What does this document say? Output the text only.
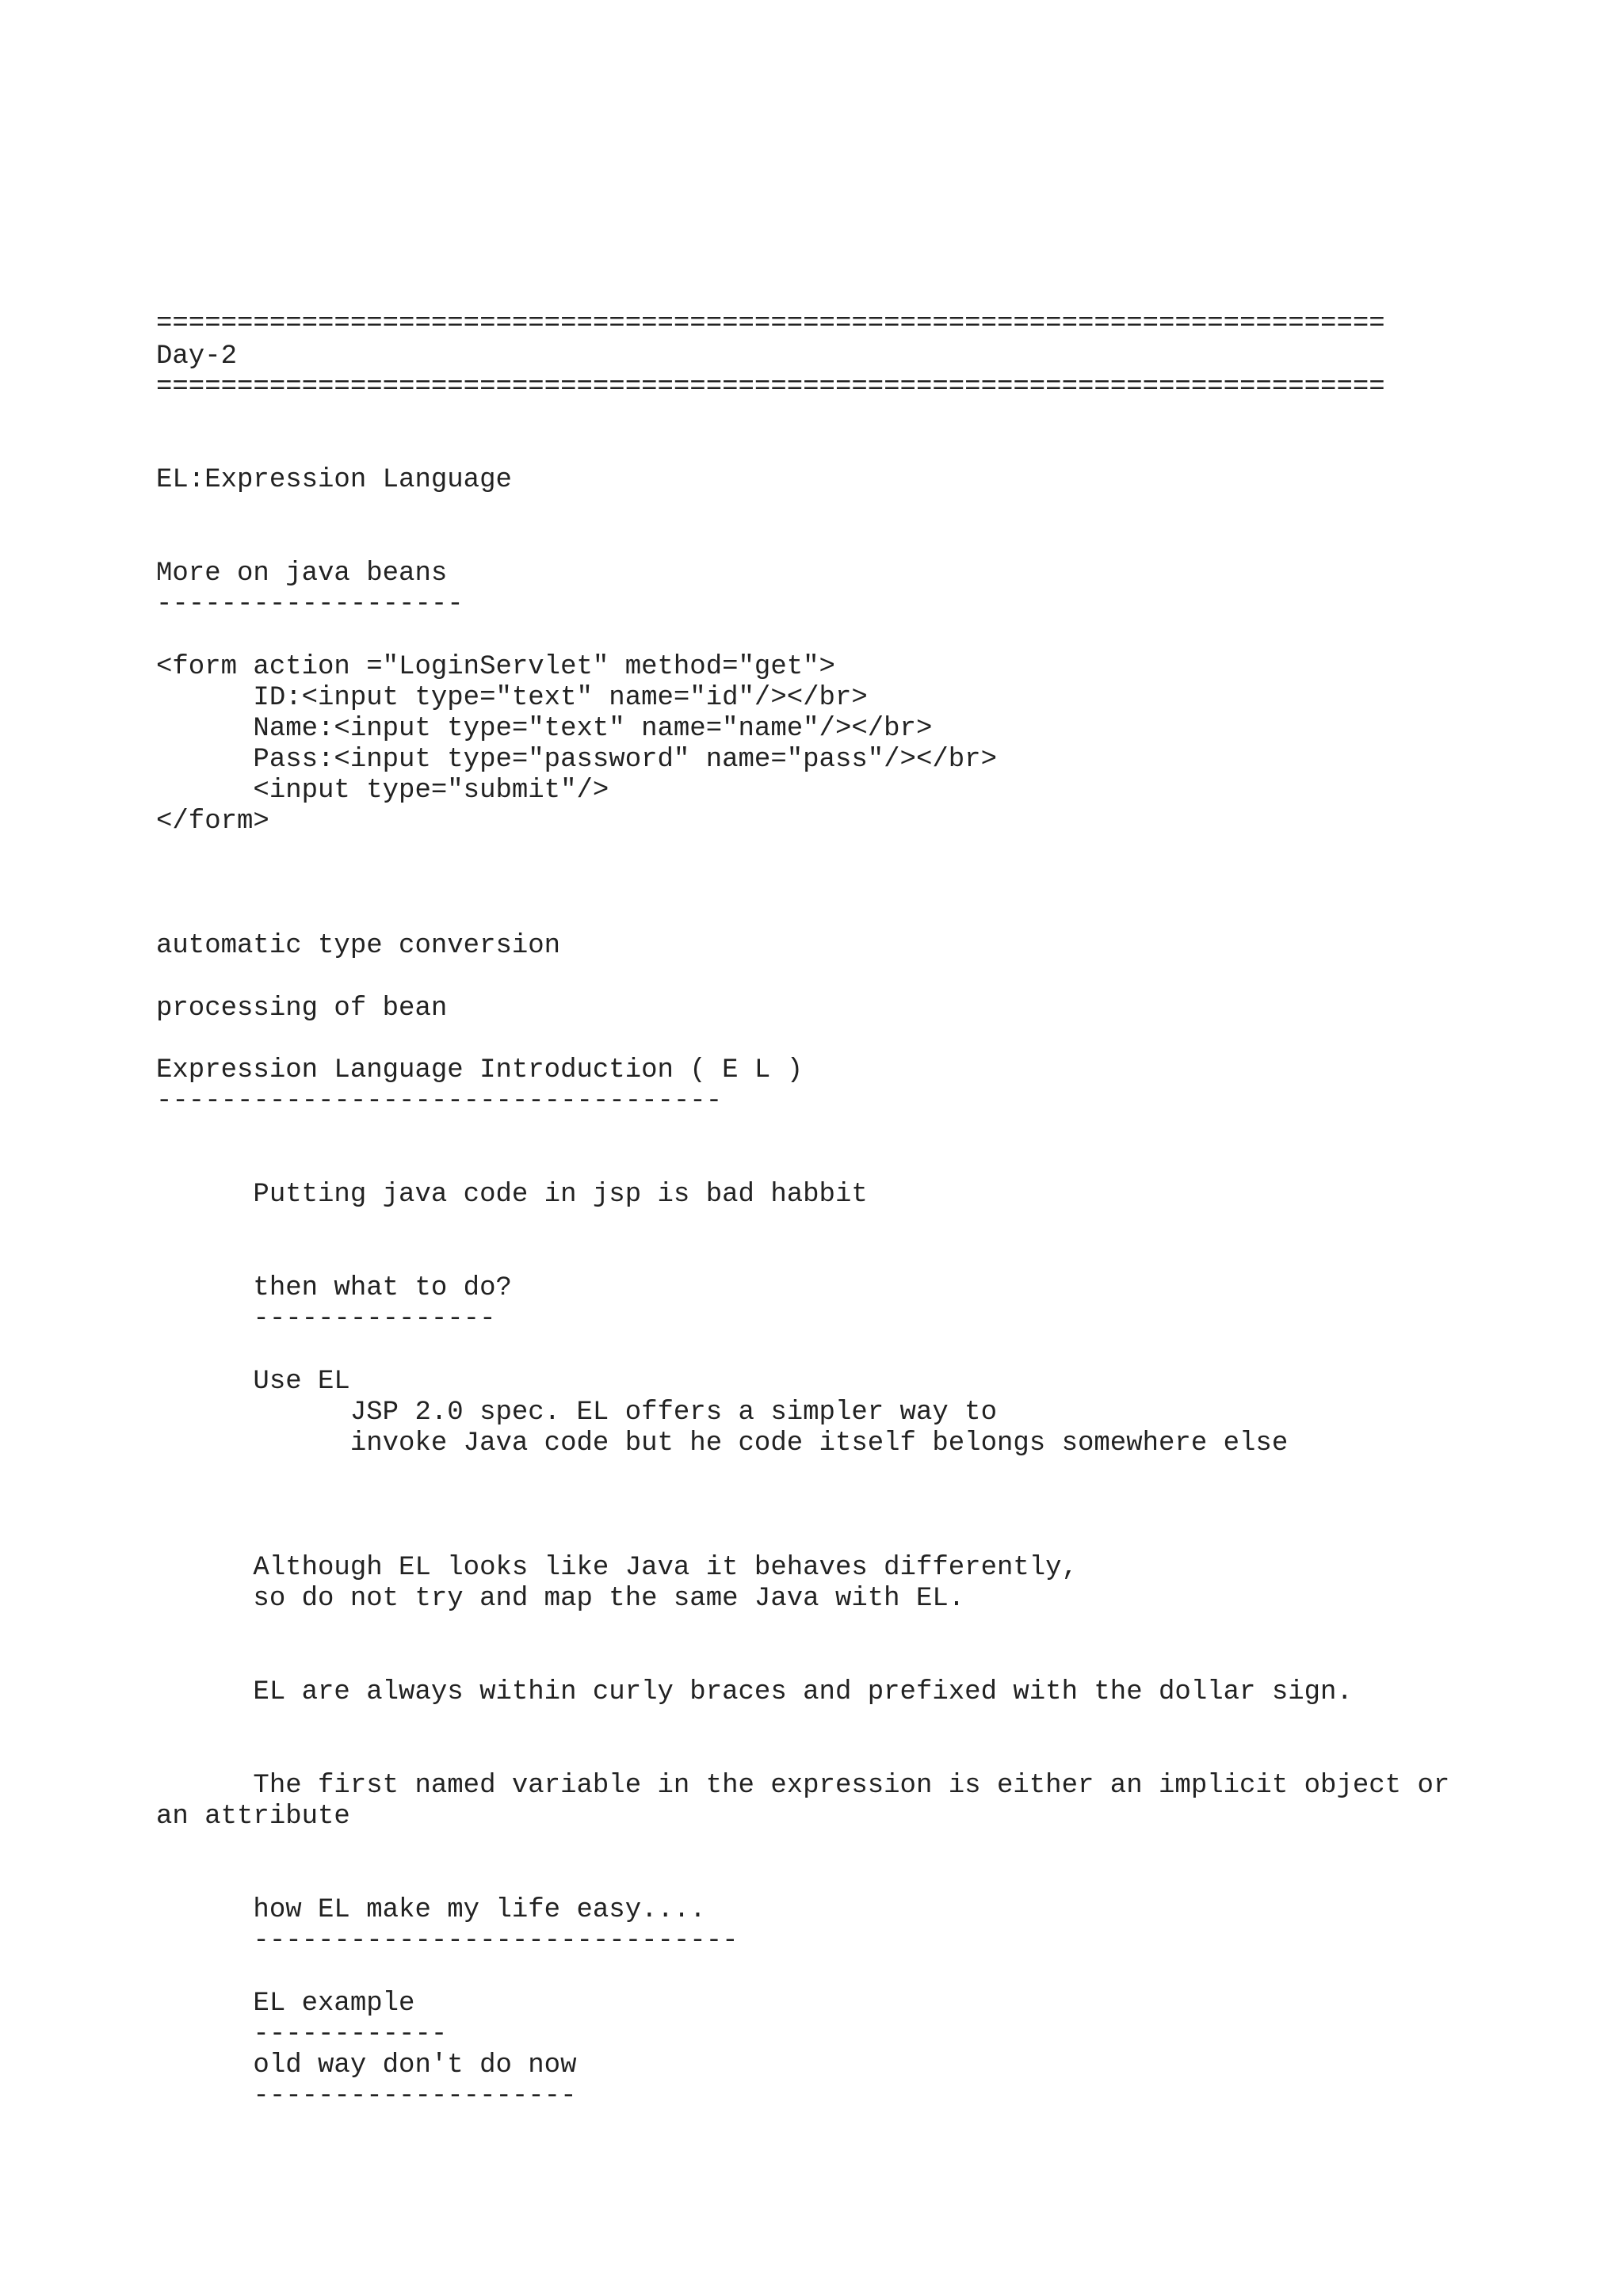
============================================================================
Day-2
============================================================================
EL:Expression Language
More on java beans
-------------------
<form action ="LoginServlet" method="get">
ID:<input type="text" name="id"/></br>
Name:<input type="text" name="name"/></br>
Pass:<input type="password" name="pass"/></br>
<input type="submit"/>
</form>
automatic type conversion
processing of bean
Expression Language Introduction ( E L )
-----------------------------------
Putting java code in jsp is bad habbit
then what to do?
---------------
Use EL
JSP 2.0 spec. EL offers a simpler way to
invoke Java code but he code itself belongs somewhere else
Although EL looks like Java it behaves differently,
so do not try and map the same Java with EL.
EL are always within curly braces and prefixed with the dollar sign.
The first named variable in the expression is either an implicit object or
an attribute
how EL make my life easy....
------------------------------
EL example
------------
old way don't do now
--------------------
